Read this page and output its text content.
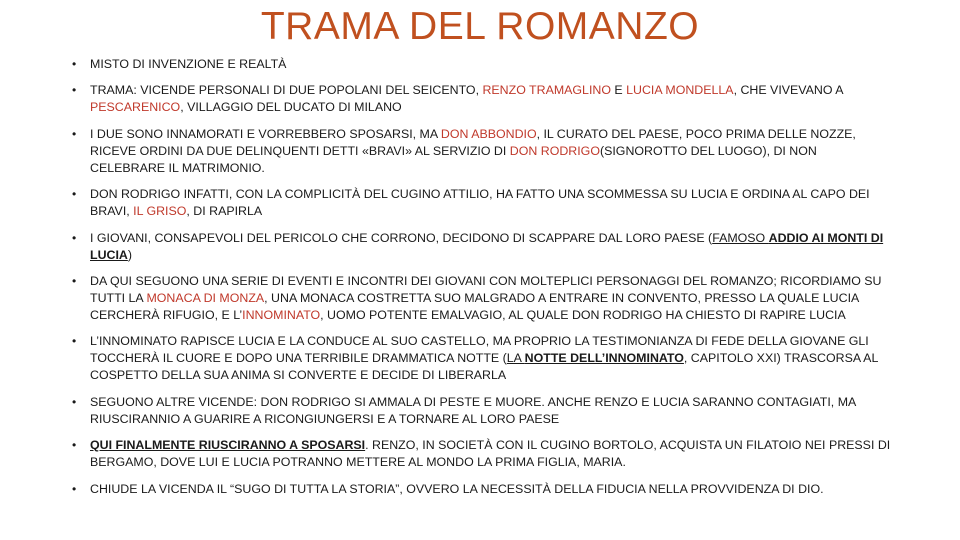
TRAMA DEL ROMANZO
• MISTO DI INVENZIONE E REALTÀ
• TRAMA: VICENDE PERSONALI DI DUE POPOLANI DEL SEICENTO, RENZO TRAMAGLINO E LUCIA MONDELLA, CHE VIVEVANO A PESCARENICO, VILLAGGIO DEL DUCATO DI MILANO
• I DUE SONO INNAMORATI E VORREBBERO SPOSARSI, MA DON ABBONDIO, IL CURATO DEL PAESE, POCO PRIMA DELLE NOZZE, RICEVE ORDINI DA DUE DELINQUENTI DETTI «BRAVI» AL SERVIZIO DI DON RODRIGO(SIGNOROTTO DEL LUOGO), DI NON CELEBRARE IL MATRIMONIO.
• DON RODRIGO INFATTI, CON LA COMPLICITÀ DEL CUGINO ATTILIO, HA FATTO UNA SCOMMESSA SU LUCIA E ORDINA AL CAPO DEI BRAVI, IL GRISO, DI RAPIRLA
• I GIOVANI, CONSAPEVOLI DEL PERICOLO CHE CORRONO, DECIDONO DI SCAPPARE DAL LORO PAESE (FAMOSO ADDIO AI MONTI DI LUCIA)
• DA QUI SEGUONO UNA SERIE DI EVENTI E INCONTRI DEI GIOVANI CON MOLTEPLICI PERSONAGGI DEL ROMANZO; RICORDIAMO SU TUTTI LA MONACA DI MONZA, UNA MONACA COSTRETTA SUO MALGRADO A ENTRARE IN CONVENTO, PRESSO LA QUALE LUCIA CERCHERÀ RIFUGIO, E L’INNOMINATO, UOMO POTENTE EMALVAGIO, AL QUALE DON RODRIGO HA CHIESTO DI RAPIRE LUCIA
• L’INNOMINATO RAPISCE LUCIA E LA CONDUCE AL SUO CASTELLO, MA PROPRIO LA TESTIMONIANZA DI FEDE DELLA GIOVANE GLI TOCCHERÀ IL CUORE E DOPO UNA TERRIBILE DRAMMATICA NOTTE (LA NOTTE DELL’INNOMINATO, CAPITOLO XXI) TRASCORSA AL COSPETTO DELLA SUA ANIMA SI CONVERTE E DECIDE DI LIBERARLA
• SEGUONO ALTRE VICENDE: DON RODRIGO SI AMMALA DI PESTE E MUORE. ANCHE RENZO E LUCIA SARANNO CONTAGIATI, MA RIUSCIRANNIO A GUARIRE A RICONGIUNGERSI E A TORNARE AL LORO PAESE
• QUI FINALMENTE RIUSCIRANNO A SPOSARSI. RENZO, IN SOCIETÀ CON IL CUGINO BORTOLO, ACQUISTA UN FILATOIO NEI PRESSI DI BERGAMO, DOVE LUI E LUCIA POTRANNO METTERE AL MONDO LA PRIMA FIGLIA, MARIA.
• CHIUDE LA VICENDA IL “SUGO DI TUTTA LA STORIA”, OVVERO LA NECESSITÀ DELLA FIDUCIA NELLA PROVVIDENZA DI DIO.
